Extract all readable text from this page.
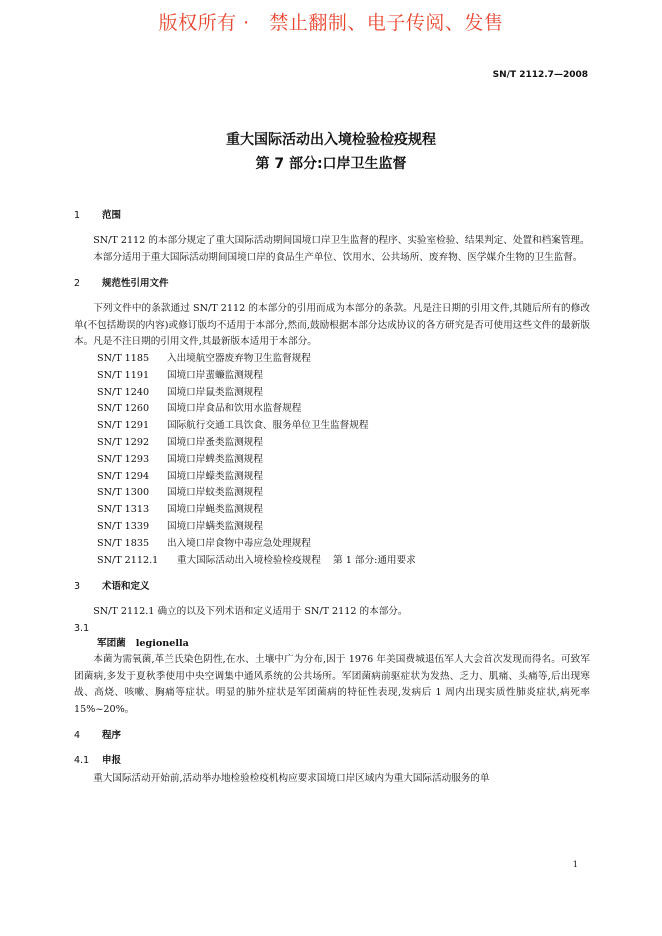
版权所有 ·   禁止翻制、电子传阅、发售
SN/T 2112.7—2008
重大国际活动出入境检验检疫规程
第 7 部分:口岸卫生监督
1 范围

SN/T 2112 的本部分规定了重大国际活动期间国境口岸卫生监督的程序、实验室检验、结果判定、处置和档案管理。

本部分适用于重大国际活动期间国境口岸的食品生产单位、饮用水、公共场所、废弃物、医学媒介生物的卫生监督。

2 规范性引用文件

下列文件中的条款通过 SN/T 2112 的本部分的引用而成为本部分的条款。凡是注日期的引用文件,其随后所有的修改单(不包括勘误的内容)或修订版均不适用于本部分,然而,鼓励根据本部分达成协议的各方研究是否可使用这些文件的最新版本。凡是不注日期的引用文件,其最新版本适用于本部分。

SN/T 1185 入出境航空器废弃物卫生监督规程
SN/T 1191 国境口岸蜚蠊监测规程
SN/T 1240 国境口岸鼠类监测规程
SN/T 1260 国境口岸食品和饮用水监督规程
SN/T 1291 国际航行交通工具饮食、服务单位卫生监督规程
SN/T 1292 国境口岸蚤类监测规程
SN/T 1293 国境口岸蜱类监测规程
SN/T 1294 国境口岸蠓类监测规程
SN/T 1300 国境口岸蚊类监测规程
SN/T 1313 国境口岸蝇类监测规程
SN/T 1339 国境口岸螨类监测规程
SN/T 1835 出入境口岸食物中毒应急处理规程
SN/T 2112.1 重大国际活动出入境检验检疫规程    第 1 部分:通用要求
3 术语和定义

SN/T 2112.1 确立的以及下列术语和定义适用于 SN/T 2112 的本部分。

3.1
军团菌 legionella

本菌为需氧菌,革兰氏染色阴性,在水、土壤中广为分布,因于 1976 年美国费城退伍军人大会首次发现而得名。可致军团菌病,多发于夏秋季使用中央空调集中通风系统的公共场所。军团菌病前驱症状为发热、乏力、肌痛、头痛等,后出现寒战、高烧、咳嗽、胸痛等症状。明显的肺外症状是军团菌病的特征性表现,发病后 1 周内出现实质性肺炎症状,病死率 15%~20%。

4 程序
4.1 申报

重大国际活动开始前,活动举办地检验检疫机构应要求国境口岸区域内为重大国际活动服务的单

1
